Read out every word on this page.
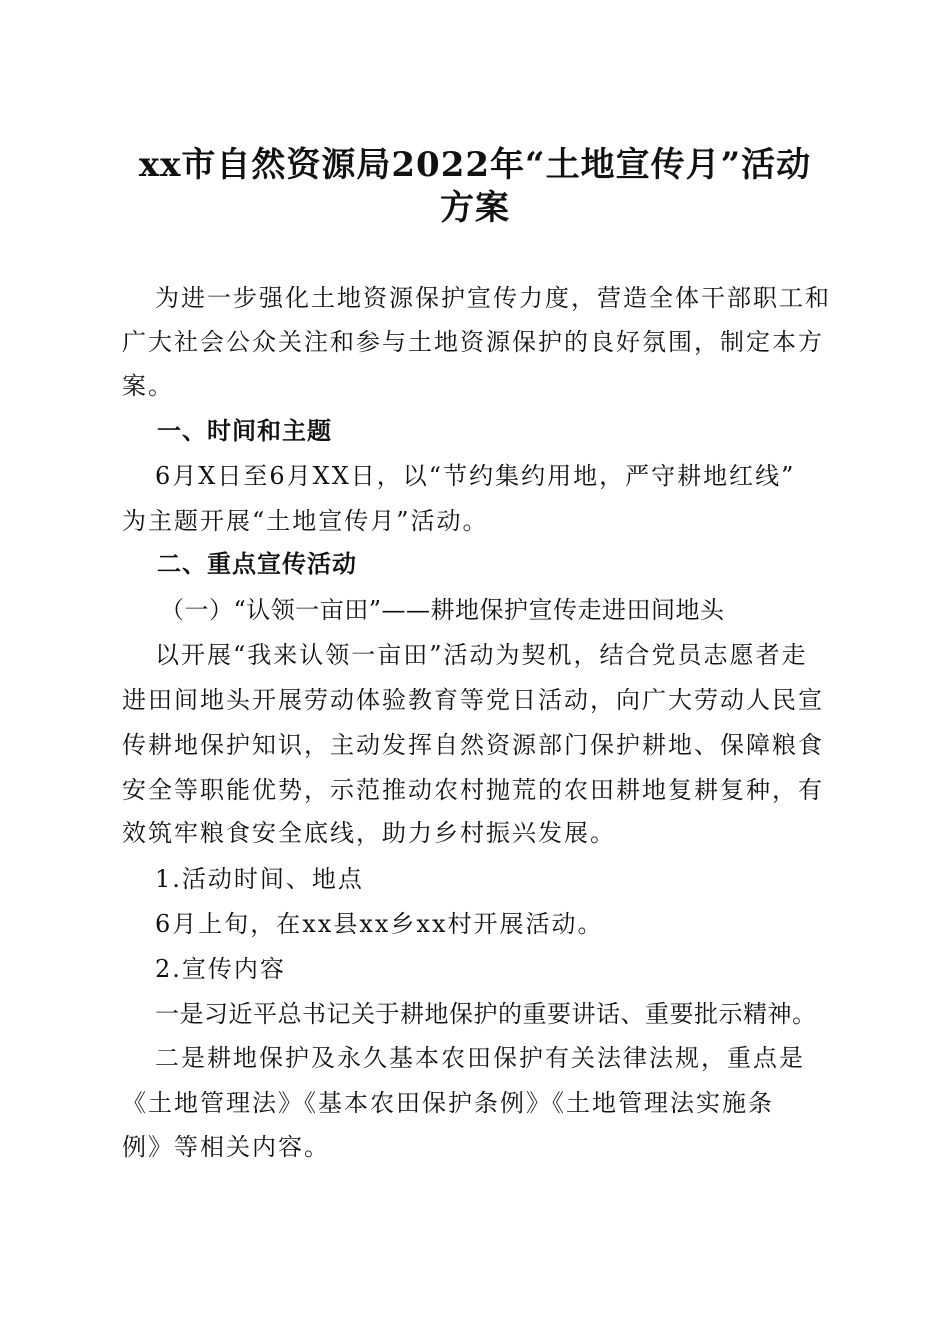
xx市自然资源局2022年“土地宣传月”活动
方案

为进一步强化土地资源保护宣传力度，营造全体干部职工和

广大社会公众关注和参与土地资源保护的良好氛围，制定本方

案。

一、时间和主题

6月X日至6月XX日，以“节约集约用地，严守耕地红线”

为主题开展“土地宣传月”活动。

二、重点宣传活动

（一）“认领一亩田”——耕地保护宣传走进田间地头

以开展“我来认领一亩田”活动为契机，结合党员志愿者走

进田间地头开展劳动体验教育等党日活动，向广大劳动人民宣

传耕地保护知识，主动发挥自然资源部门保护耕地、保障粮食

安全等职能优势，示范推动农村抛荒的农田耕地复耕复种，有

效筑牢粮食安全底线，助力乡村振兴发展。

1.活动时间、地点

6月上旬，在xx县xx乡xx村开展活动。

2.宣传内容

一是习近平总书记关于耕地保护的重要讲话、重要批示精神。

二是耕地保护及永久基本农田保护有关法律法规，重点是

《土地管理法》《基本农田保护条例》《土地管理法实施条

例》等相关内容。
